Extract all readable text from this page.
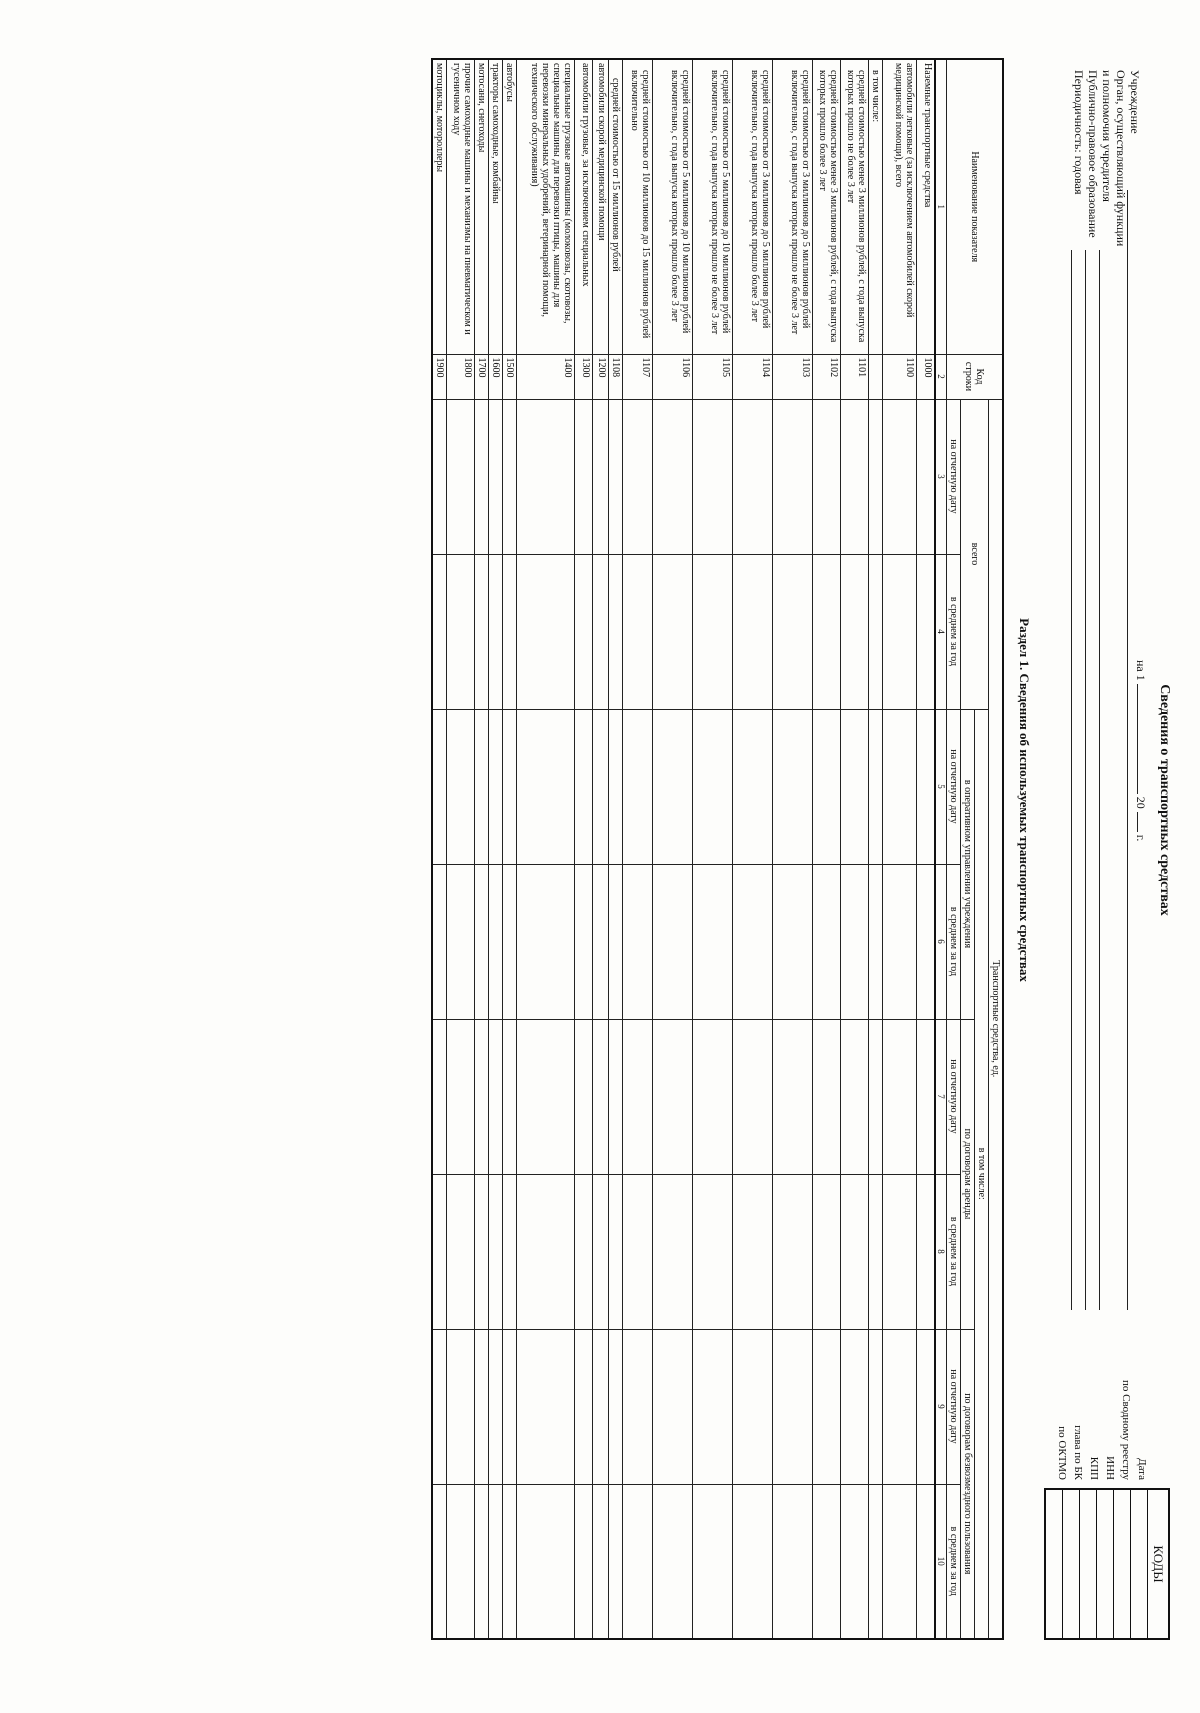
Сведения о транспортных средствах
на 1  20  г.
Учреждение
Орган, осуществляющий функции
и полномочия учредителя
Публично-правовое образование
Периодичность: годовая
Дата
по Сводному реестру
ИНН
КПП
глава по БК
по ОКТМО
КОДЫ
Раздел 1. Сведения об используемых транспортных средствах
Наименование показателя	Код строки	Транспортные средства, ед.							
		всего		в том числе:					
				в оперативном управлении учреждения		по договорам аренды		по договорам безвозмездного пользования	
		на отчетную дату	в среднем за год	на отчетную дату	в среднем за год	на отчетную дату	в среднем за год	на отчетную дату	в среднем за год
1	2	3	4	5	6	7	8	9	10
Наземные транспортные средства	1000								
автомобили легковые (за исключением автомобилей скорой медицинской помощи), всего	1100								
в том числе:									
средней стоимостью менее 3 миллионов рублей, с года выпуска которых прошло не более 3 лет	1101								
средней стоимостью менее 3 миллионов рублей, с года выпуска которых прошло более 3 лет	1102								
средней стоимостью от 3 миллионов до 5 миллионов рублей включительно, с года выпуска которых прошло не более 3 лет	1103								
средней стоимостью от 3 миллионов до 5 миллионов рублей включительно, с года выпуска которых прошло более 3 лет	1104								
средней стоимостью от 5 миллионов до 10 миллионов рублей включительно, с года выпуска которых прошло не более 3 лет	1105								
средней стоимостью от 5 миллионов до 10 миллионов рублей включительно, с года выпуска которых прошло более 3 лет	1106								
средней стоимостью от 10 миллионов до 15 миллионов рублей включительно	1107								
средней стоимостью от 15 миллионов рублей	1108								
автомобили скорой медицинской помощи	1200								
автомобили грузовые, за исключением специальных	1300								
специальные грузовые автомашины (молоковозы, скотовозы, специальные машины для перевозки птицы, машины для перевозки минеральных удобрений, ветеринарной помощи, технического обслуживания)	1400								
автобусы	1500								
тракторы самоходные, комбайны	1600								
мотосани, снегоходы	1700								
прочие самоходные машины и механизмы на пневматическом и гусеничном ходу	1800								
мотоциклы, мотороллеры	1900								
